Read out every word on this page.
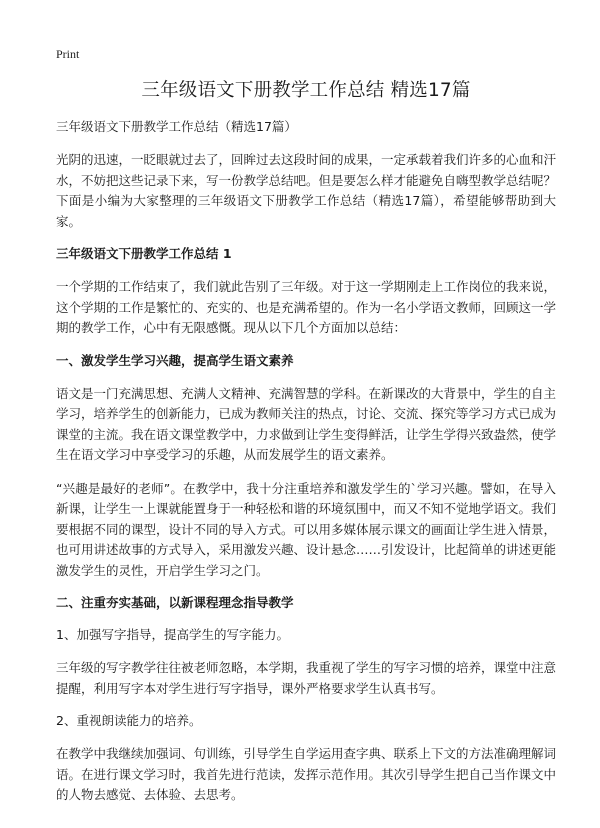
Print
三年级语文下册教学工作总结 精选17篇
三年级语文下册教学工作总结（精选17篇）

光阴的迅速，一眨眼就过去了，回眸过去这段时间的成果，一定承载着我们许多的心血和汗水，不妨把这些记录下来，写一份教学总结吧。但是要怎么样才能避免自嗨型教学总结呢？下面是小编为大家整理的三年级语文下册教学工作总结（精选17篇），希望能够帮助到大家。

三年级语文下册教学工作总结 1

一个学期的工作结束了，我们就此告别了三年级。对于这一学期刚走上工作岗位的我来说，这个学期的工作是繁忙的、充实的、也是充满希望的。作为一名小学语文教师，回顾这一学期的教学工作，心中有无限感慨。现从以下几个方面加以总结：

一、激发学生学习兴趣，提高学生语文素养

语文是一门充满思想、充满人文精神、充满智慧的学科。在新课改的大背景中，学生的自主学习，培养学生的创新能力，已成为教师关注的热点，讨论、交流、探究等学习方式已成为课堂的主流。我在语文课堂教学中，力求做到让学生变得鲜活，让学生学得兴致盎然，使学生在语文学习中享受学习的乐趣，从而发展学生的语文素养。

“兴趣是最好的老师”。在教学中，我十分注重培养和激发学生的`学习兴趣。譬如，在导入新课，让学生一上课就能置身于一种轻松和谐的环境氛围中，而又不知不觉地学语文。我们要根据不同的课型，设计不同的导入方式。可以用多媒体展示课文的画面让学生进入情景，也可用讲述故事的方式导入，采用激发兴趣、设计悬念……引发设计，比起简单的讲述更能激发学生的灵性，开启学生学习之门。

二、注重夯实基础，以新课程理念指导教学
1、加强写字指导，提高学生的写字能力。

三年级的写字教学往往被老师忽略，本学期，我重视了学生的写字习惯的培养，课堂中注意提醒，利用写字本对学生进行写字指导，课外严格要求学生认真书写。

2、重视朗读能力的培养。

在教学中我继续加强词、句训练，引导学生自学运用查字典、联系上下文的方法准确理解词语。在进行课文学习时，我首先进行范读，发挥示范作用。其次引导学生把自己当作课文中的人物去感觉、去体验、去思考。
